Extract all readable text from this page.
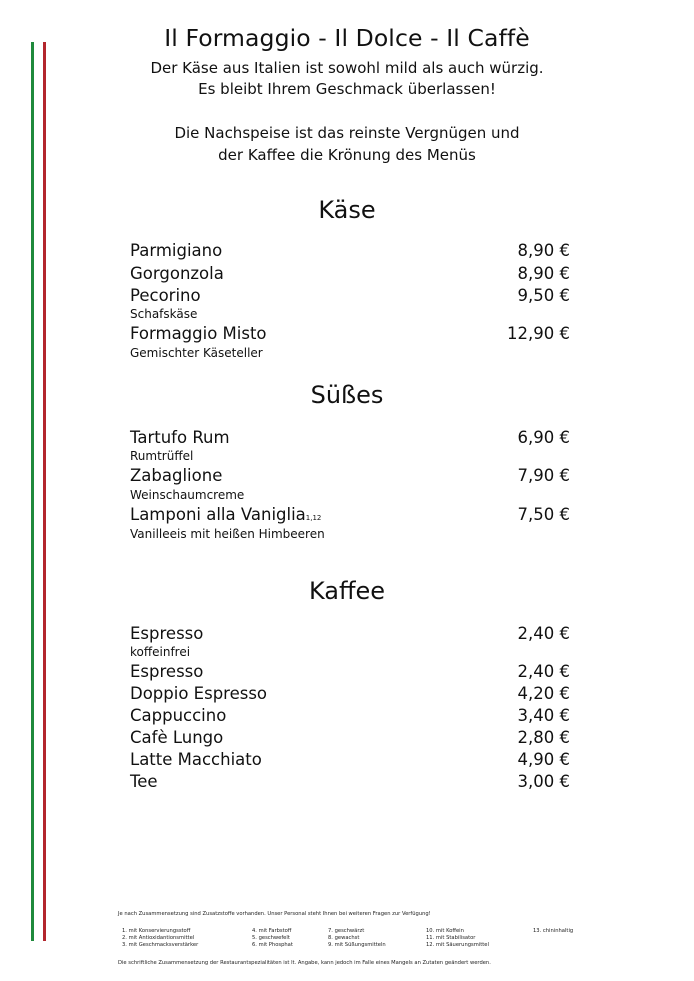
Il Formaggio - Il Dolce - Il Caffè
Der Käse aus Italien ist sowohl mild als auch würzig.
Es bleibt Ihrem Geschmack überlassen!
Die Nachspeise ist das reinste Vergnügen und
der Kaffee die Krönung des Menüs
Käse
Parmigiano	8,90 €
Gorgonzola	8,90 €
Pecorino	9,50 €
Schafskäse
Formaggio Misto	12,90 €
Gemischter Käseteller
Süßes
Tartufo Rum	6,90 €
Rumtrüffel
Zabaglione	7,90 €
Weinschaumcreme
Lamponi alla Vaniglia1,12	7,50 €
Vanilleeis mit heißen Himbeeren
Kaffee
Espresso	2,40 €
koffeinfrei
Espresso	2,40 €
Doppio Espresso	4,20 €
Cappuccino	3,40 €
Cafè Lungo	2,80 €
Latte Macchiato	4,90 €
Tee	3,00 €
Je nach Zusammensetzung sind Zusatzstoffe vorhanden. Unser Personal steht Ihnen bei weiteren Fragen zur Verfügung!
1. mit Konservierungsstoff
2. mit Antioxidantionsmittel
3. mit Geschmacksverstärker
4. mit Farbstoff
5. geschwefelt
6. mit Phosphat
7. geschwärzt
8. gewachst
9. mit Süßungsmitteln
10. mit Koffein
11. mit Stabilisator
12. mit Säuerungsmittel
13. chininhaltig
Die schriftliche Zusammensetzung der Restaurantspezialitäten ist lt. Angabe, kann jedoch im Falle eines Mangels an Zutaten geändert werden.
